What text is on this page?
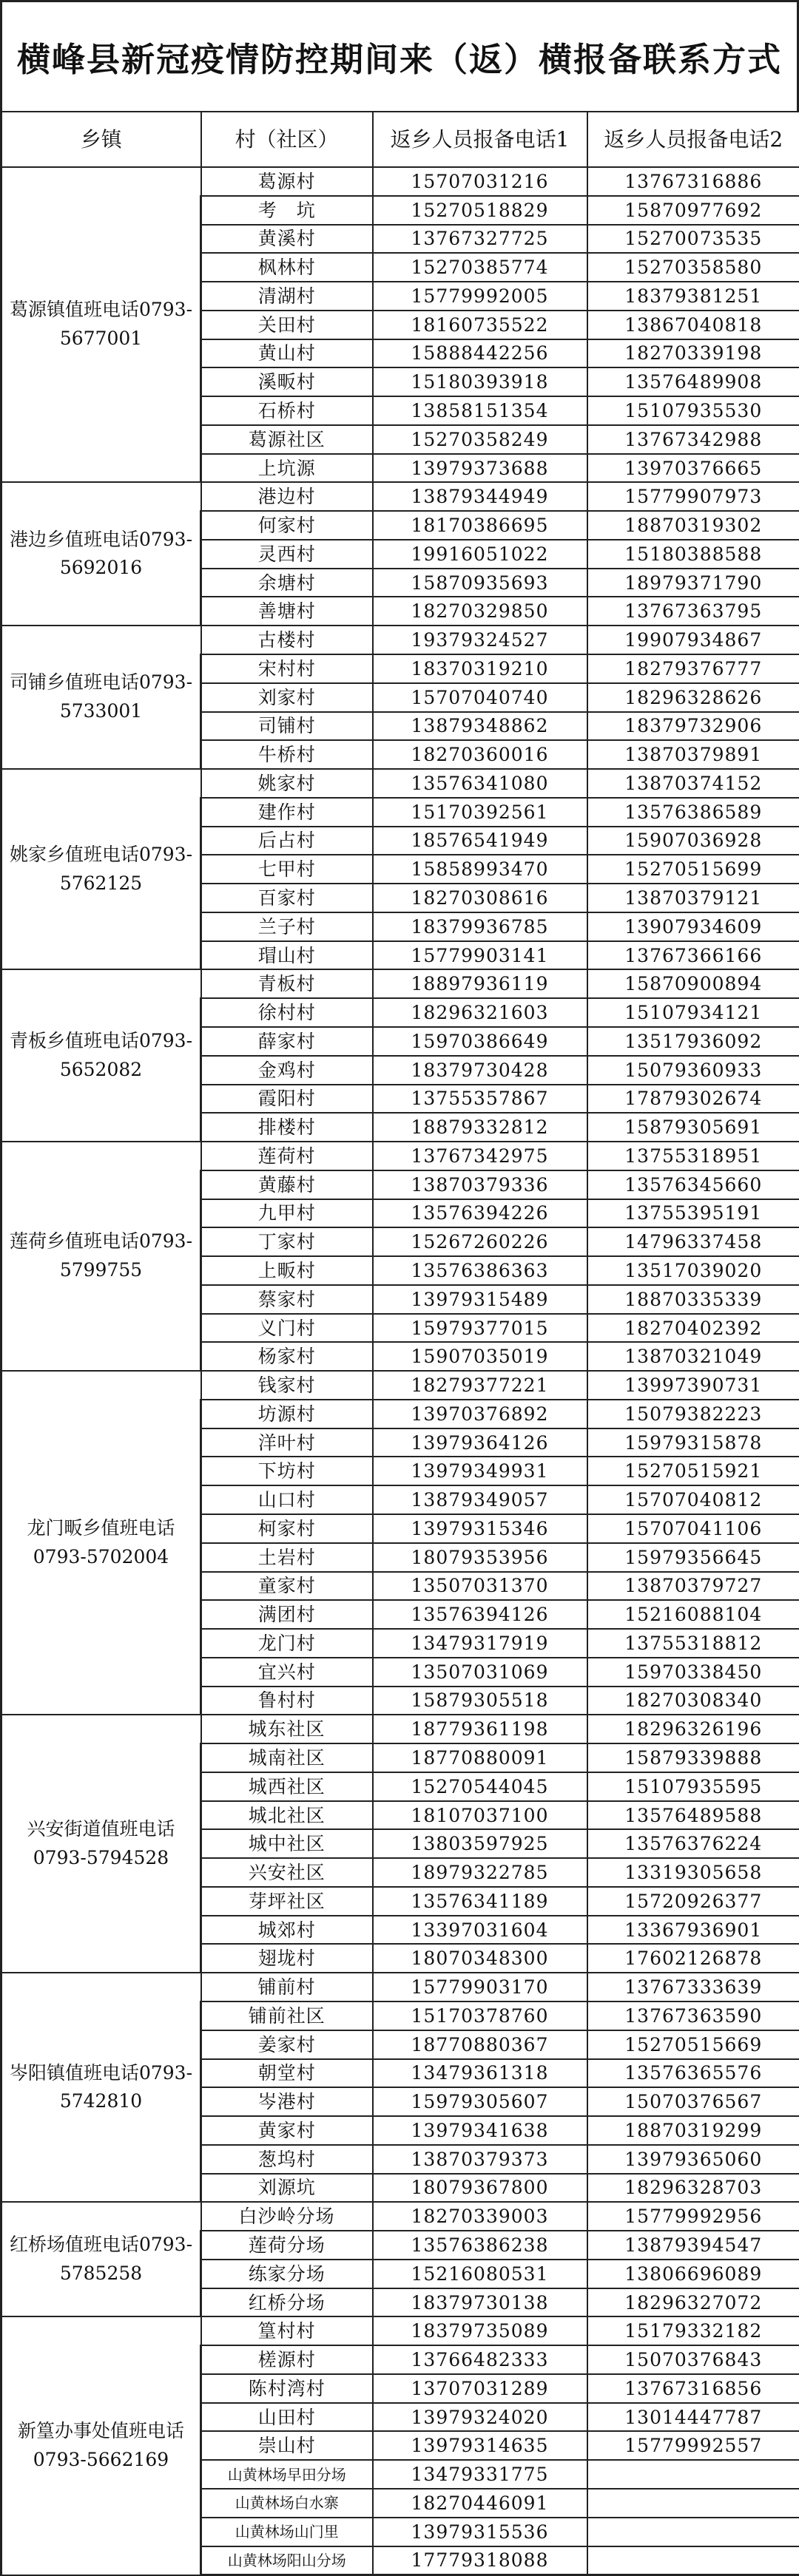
横峰县新冠疫情防控期间来（返）横报备联系方式
乡镇	村（社区）	返乡人员报备电话1	返乡人员报备电话2
葛源镇值班电话0793-5677001	葛源村	15707031216	13767316886
	考　坑	15270518829	15870977692
	黄溪村	13767327725	15270073535
	枫林村	15270385774	15270358580
	清湖村	15779992005	18379381251
	关田村	18160735522	13867040818
	黄山村	15888442256	18270339198
	溪畈村	15180393918	13576489908
	石桥村	13858151354	15107935530
	葛源社区	15270358249	13767342988
	上坑源	13979373688	13970376665
港边乡值班电话0793-5692016	港边村	13879344949	15779907973
	何家村	18170386695	18870319302
	灵西村	19916051022	15180388588
	余塘村	15870935693	18979371790
	善塘村	18270329850	13767363795
司铺乡值班电话0793-5733001	古楼村	19379324527	19907934867
	宋村村	18370319210	18279376777
	刘家村	15707040740	18296328626
	司铺村	13879348862	18379732906
	牛桥村	18270360016	13870379891
姚家乡值班电话0793-5762125	姚家村	13576341080	13870374152
	建作村	15170392561	13576386589
	后占村	18576541949	15907036928
	七甲村	15858993470	15270515699
	百家村	18270308616	13870379121
	兰子村	18379936785	13907934609
	瑁山村	15779903141	13767366166
青板乡值班电话0793-5652082	青板村	18897936119	15870900894
	徐村村	18296321603	15107934121
	薛家村	15970386649	13517936092
	金鸡村	18379730428	15079360933
	霞阳村	13755357867	17879302674
	排楼村	18879332812	15879305691
莲荷乡值班电话0793-5799755	莲荷村	13767342975	13755318951
	黄藤村	13870379336	13576345660
	九甲村	13576394226	13755395191
	丁家村	15267260226	14796337458
	上畈村	13576386363	13517039020
	蔡家村	13979315489	18870335339
	义门村	15979377015	18270402392
	杨家村	15907035019	13870321049
龙门畈乡值班电话0793-5702004	钱家村	18279377221	13997390731
	坊源村	13970376892	15079382223
	洋叶村	13979364126	15979315878
	下坊村	13979349931	15270515921
	山口村	13879349057	15707040812
	柯家村	13979315346	15707041106
	土岩村	18079353956	15979356645
	童家村	13507031370	13870379727
	满团村	13576394126	15216088104
	龙门村	13479317919	13755318812
	宜兴村	13507031069	15970338450
	鲁村村	15879305518	18270308340
兴安街道值班电话0793-5794528	城东社区	18779361198	18296326196
	城南社区	18770880091	15879339888
	城西社区	15270544045	15107935595
	城北社区	18107037100	13576489588
	城中社区	13803597925	13576376224
	兴安社区	18979322785	13319305658
	芽坪社区	13576341189	15720926377
	城郊村	13397031604	13367936901
	翅垅村	18070348300	17602126878
岑阳镇值班电话0793-5742810	铺前村	15779903170	13767333639
	铺前社区	15170378760	13767363590
	姜家村	18770880367	15270515669
	朝堂村	13479361318	13576365576
	岑港村	15979305607	15070376567
	黄家村	13979341638	18870319299
	葱坞村	13870379373	13979365060
	刘源坑	18079367800	18296328703
红桥场值班电话0793-5785258	白沙岭分场	18270339003	15779992956
	莲荷分场	13576386238	13879394547
	练家分场	15216080531	13806696089
	红桥分场	18379730138	18296327072
新篁办事处值班电话0793-5662169	篁村村	18379735089	15179332182
	槎源村	13766482333	15070376843
	陈村湾村	13707031289	13767316856
	山田村	13979324020	13014447787
	崇山村	13979314635	15779992557
	山黄林场早田分场	13479331775	
	山黄林场白水寨	18270446091	
	山黄林场山门里	13979315536	
	山黄林场阳山分场	17779318088	
